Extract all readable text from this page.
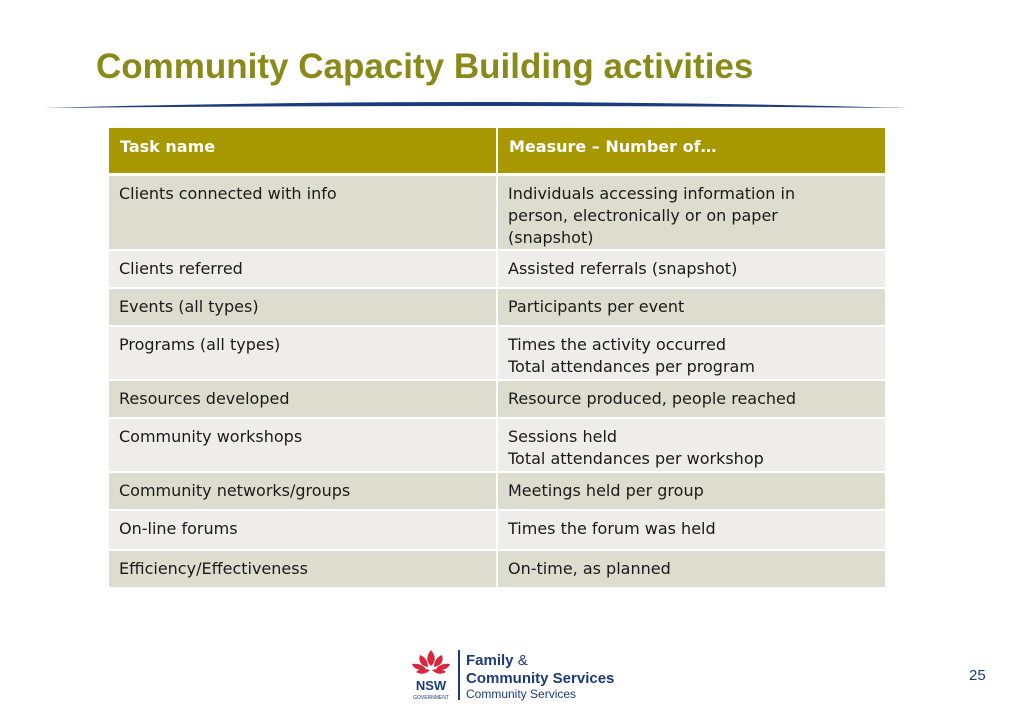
Community Capacity Building activities
Task name	Measure – Number of…
Clients connected with info	Individuals accessing information in
person, electronically or on paper
(snapshot)

Clients referred	Assisted referrals (snapshot)

Events (all types)	Participants per event

Programs (all types)	Times the activity occurred
Total attendances per program

Resources developed	Resource produced, people reached

Community workshops	Sessions held
Total attendances per workshop

Community networks/groups	Meetings held per group

On-line forums	Times the forum was held

Efficiency/Effectiveness	On-time, as planned
NSW
GOVERNMENT
Family &
Community Services
Community Services
25
